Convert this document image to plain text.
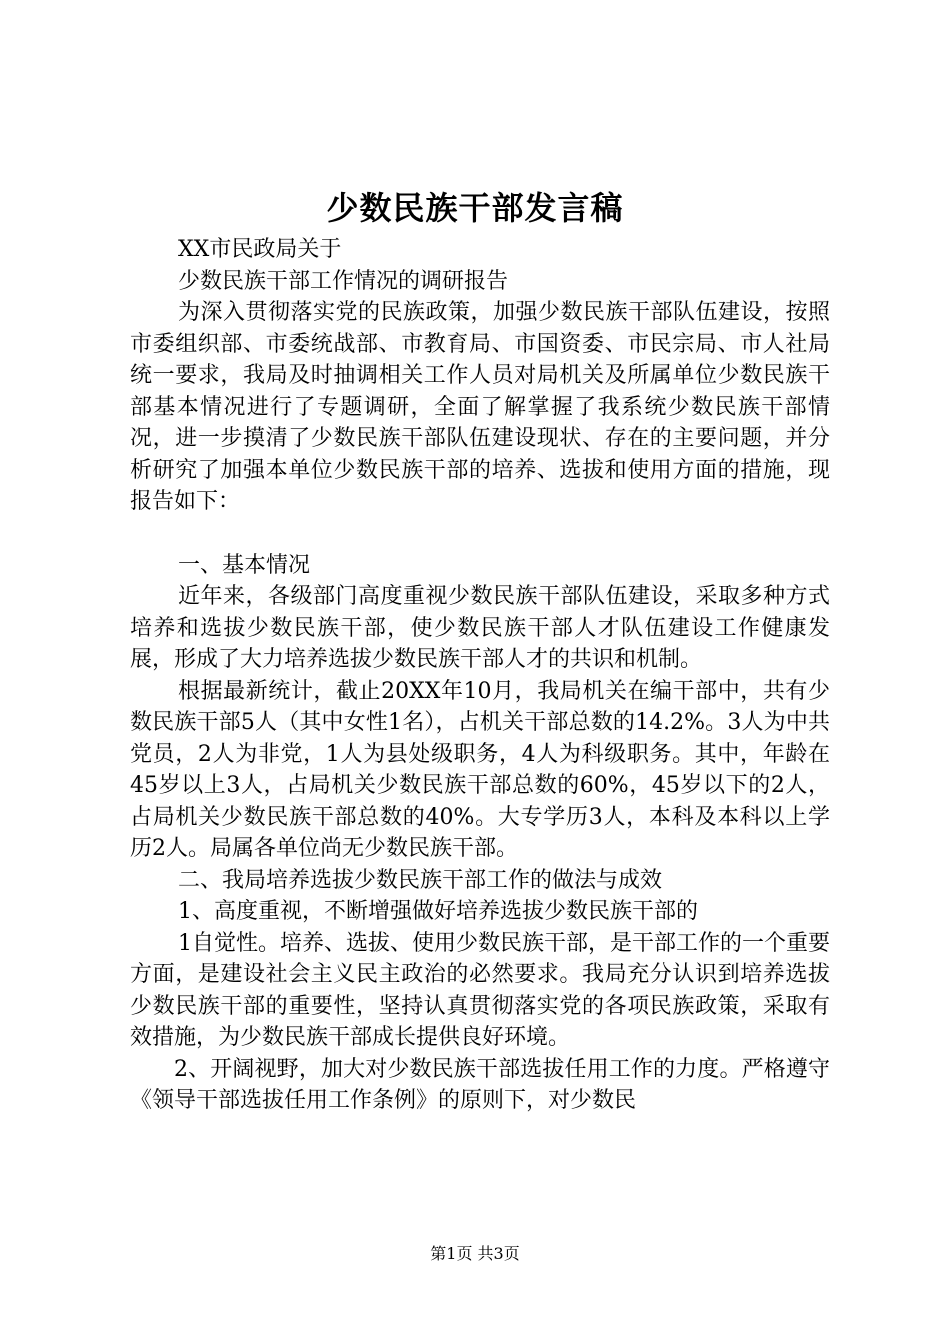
少数民族干部发言稿

XX市民政局关于

少数民族干部工作情况的调研报告

为深入贯彻落实党的民族政策，加强少数民族干部队伍建设，按照市委组织部、市委统战部、市教育局、市国资委、市民宗局、市人社局统一要求，我局及时抽调相关工作人员对局机关及所属单位少数民族干部基本情况进行了专题调研，全面了解掌握了我系统少数民族干部情况，进一步摸清了少数民族干部队伍建设现状、存在的主要问题，并分析研究了加强本单位少数民族干部的培养、选拔和使用方面的措施，现报告如下：

一、基本情况

近年来，各级部门高度重视少数民族干部队伍建设，采取多种方式培养和选拔少数民族干部，使少数民族干部人才队伍建设工作健康发展，形成了大力培养选拔少数民族干部人才的共识和机制。

根据最新统计，截止20XX年10月，我局机关在编干部中，共有少数民族干部5人（其中女性1名），占机关干部总数的14.2%。3人为中共党员，2人为非党，1人为县处级职务，4人为科级职务。其中，年龄在45岁以上3人，占局机关少数民族干部总数的60%，45岁以下的2人，占局机关少数民族干部总数的40%。大专学历3人，本科及本科以上学历2人。局属各单位尚无少数民族干部。

二、我局培养选拔少数民族干部工作的做法与成效

1、高度重视，不断增强做好培养选拔少数民族干部的

1自觉性。培养、选拔、使用少数民族干部，是干部工作的一个重要方面，是建设社会主义民主政治的必然要求。我局充分认识到培养选拔少数民族干部的重要性，坚持认真贯彻落实党的各项民族政策，采取有效措施，为少数民族干部成长提供良好环境。

2、开阔视野，加大对少数民族干部选拔任用工作的力度。严格遵守《领导干部选拔任用工作条例》的原则下，对少数民

第1页 共3页
